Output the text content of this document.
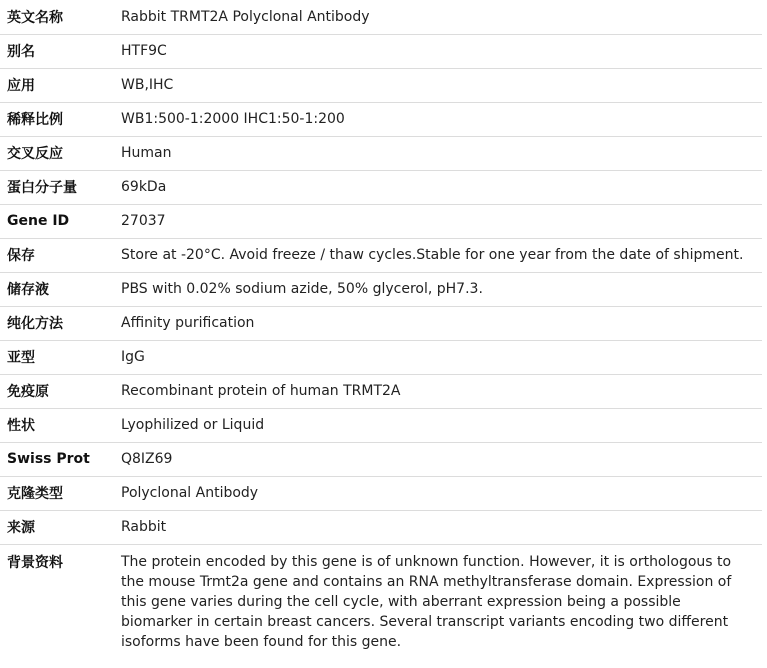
英文名称	Rabbit TRMT2A Polyclonal Antibody
别名	HTF9C
应用	WB,IHC
稀释比例	WB1:500-1:2000 IHC1:50-1:200
交叉反应	Human
蛋白分子量	69kDa
Gene ID	27037
保存	Store at -20°C. Avoid freeze / thaw cycles.Stable for one year from the date of shipment.
储存液	PBS with 0.02% sodium azide, 50% glycerol, pH7.3.
纯化方法	Affinity purification
亚型	IgG
免疫原	Recombinant protein of human TRMT2A
性状	Lyophilized or Liquid
Swiss Prot	Q8IZ69
克隆类型	Polyclonal Antibody
来源	Rabbit
背景资料	The protein encoded by this gene is of unknown function. However, it is orthologous to the mouse Trmt2a gene and contains an RNA methyltransferase domain. Expression of this gene varies during the cell cycle, with aberrant expression being a possible biomarker in certain breast cancers. Several transcript variants encoding two different isoforms have been found for this gene.
